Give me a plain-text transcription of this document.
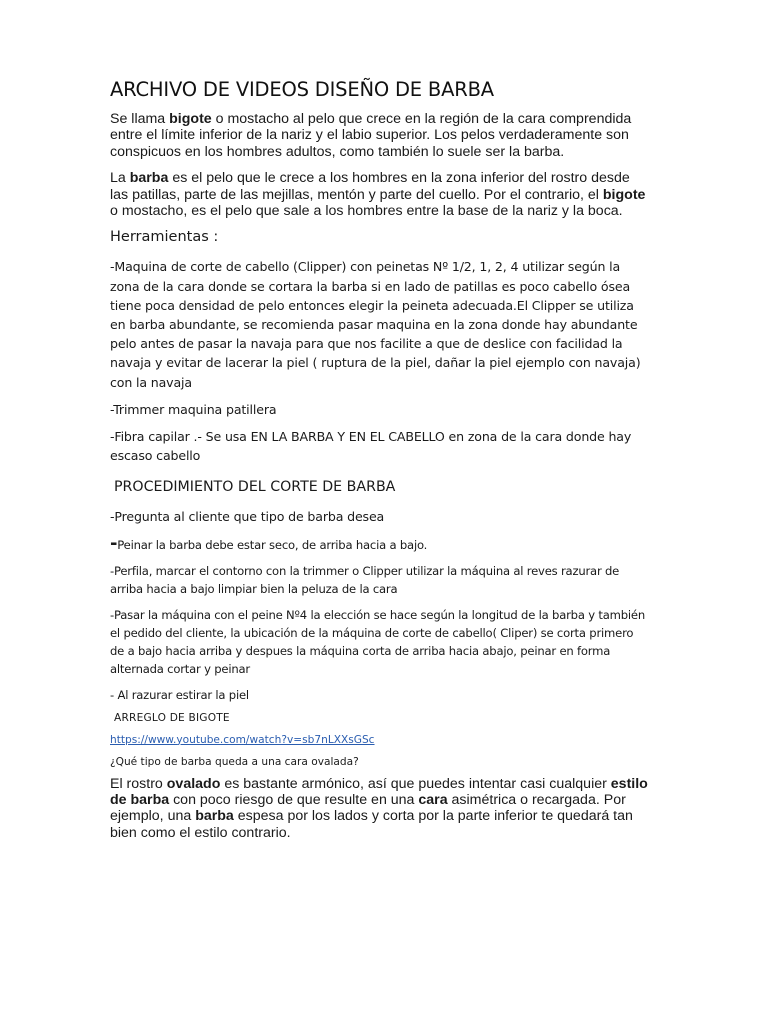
ARCHIVO DE VIDEOS DISEÑO DE BARBA

Se llama bigote o mostacho al pelo que crece en la región de la cara comprendida entre el límite inferior de la nariz y el labio superior. Los pelos verdaderamente son conspicuos en los hombres adultos, como también lo suele ser la barba.

La barba es el pelo que le crece a los hombres en la zona inferior del rostro desde las patillas, parte de las mejillas, mentón y parte del cuello. Por el contrario, el bigote o mostacho, es el pelo que sale a los hombres entre la base de la nariz y la boca.

Herramientas :

-Maquina de corte de cabello (Clipper) con peinetas Nº 1/2, 1, 2, 4 utilizar según la zona de la cara donde se cortara la barba si en lado de patillas es poco cabello ósea tiene poca densidad de pelo entonces elegir la peineta adecuada.El Clipper se utiliza en barba abundante, se recomienda pasar maquina en la zona donde hay abundante pelo antes de pasar la navaja para que nos facilite a que de deslice con facilidad la navaja y evitar de lacerar la piel ( ruptura de la piel, dañar la piel ejemplo con navaja) con la navaja

-Trimmer maquina patillera

-Fibra capilar .- Se usa EN LA BARBA Y EN EL CABELLO en zona de la cara donde hay escaso cabello

PROCEDIMIENTO DEL CORTE DE BARBA

-Pregunta al cliente que tipo de barba desea

-Peinar la barba debe estar seco, de arriba hacia a bajo.

-Perfila, marcar el contorno con la trimmer o Clipper utilizar la máquina al reves razurar de arriba hacia a bajo limpiar bien la peluza de la cara

-Pasar la máquina con el peine Nº4 la elección se hace según la longitud de la barba y también el pedido del cliente, la ubicación de la máquina de corte de cabello( Cliper) se corta primero de a bajo hacia arriba y despues la máquina corta de arriba hacia abajo, peinar en forma alternada cortar y peinar

- Al razurar estirar la piel

ARREGLO DE BIGOTE
https://www.youtube.com/watch?v=sb7nLXXsGSc
¿Qué tipo de barba queda a una cara ovalada?

El rostro ovalado es bastante armónico, así que puedes intentar casi cualquier estilo de barba con poco riesgo de que resulte en una cara asimétrica o recargada. Por ejemplo, una barba espesa por los lados y corta por la parte inferior te quedará tan bien como el estilo contrario.
